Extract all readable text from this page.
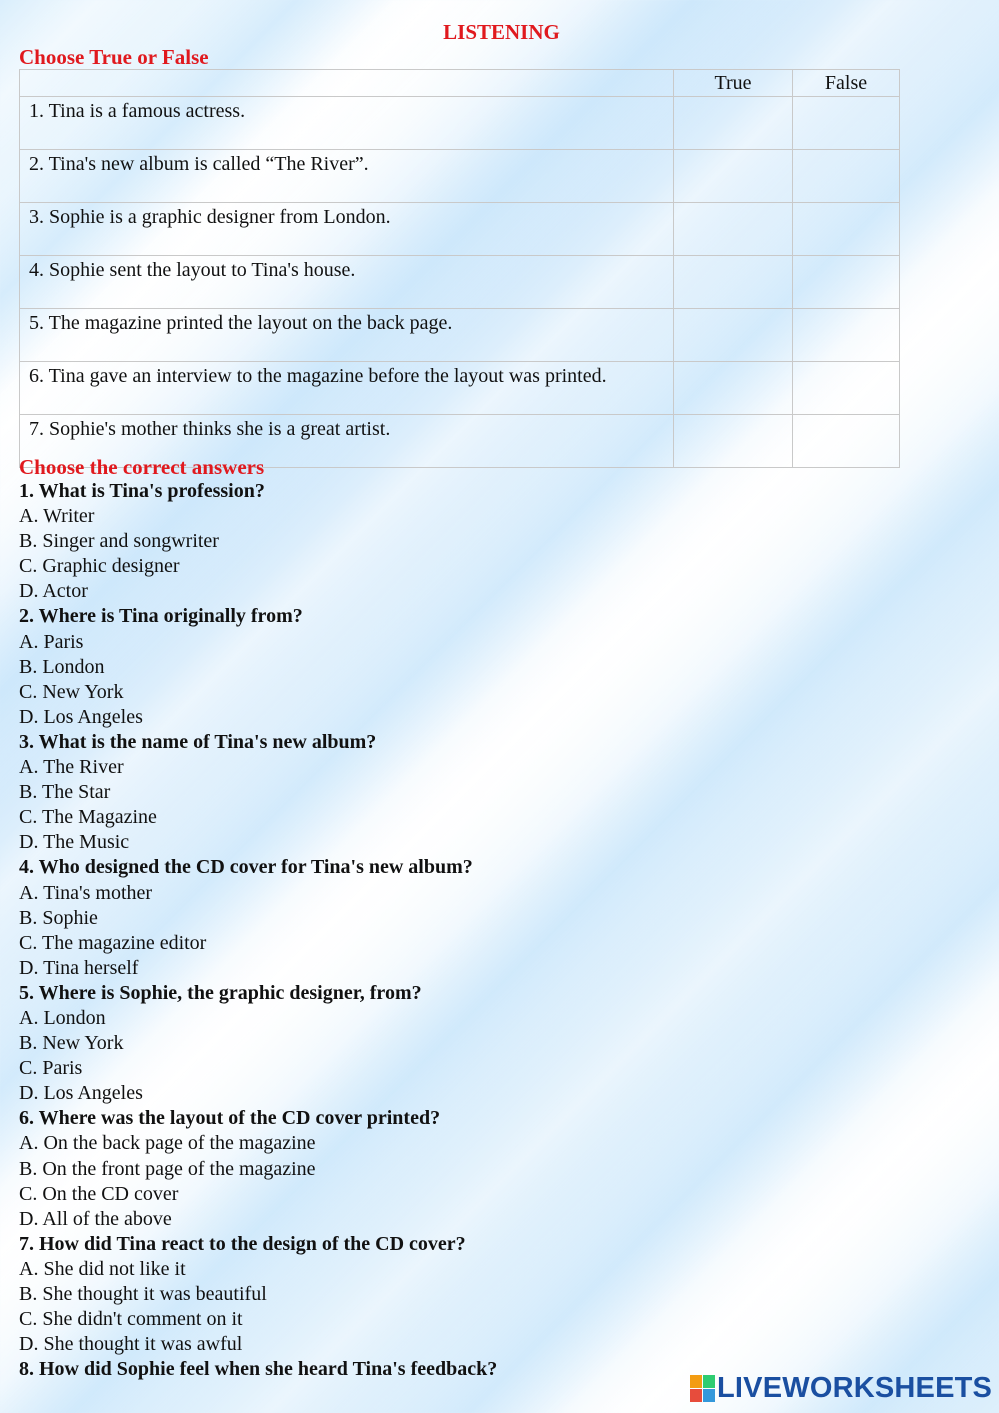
LISTENING
Choose True or False
	True	False
1. Tina is a famous actress.		
2. Tina's new album is called “The River”.		
3. Sophie is a graphic designer from London.		
4. Sophie sent the layout to Tina's house.		
5. The magazine printed the layout on the back page.		
6. Tina gave an interview to the magazine before the layout was printed.		
7. Sophie's mother thinks she is a great artist.		
Choose the correct answers

1. What is Tina's profession?

A. Writer

B. Singer and songwriter

C. Graphic designer

D. Actor

2. Where is Tina originally from?

A. Paris

B. London

C. New York

D. Los Angeles

3. What is the name of Tina's new album?

A. The River

B. The Star

C. The Magazine

D. The Music

4. Who designed the CD cover for Tina's new album?

A. Tina's mother

B. Sophie

C. The magazine editor

D. Tina herself

5. Where is Sophie, the graphic designer, from?

A. London

B. New York

C. Paris

D. Los Angeles

6. Where was the layout of the CD cover printed?

A. On the back page of the magazine

B. On the front page of the magazine

C. On the CD cover

D. All of the above

7. How did Tina react to the design of the CD cover?

A. She did not like it

B. She thought it was beautiful

C. She didn't comment on it

D. She thought it was awful

8. How did Sophie feel when she heard Tina's feedback?

LIVEWORKSHEETS
